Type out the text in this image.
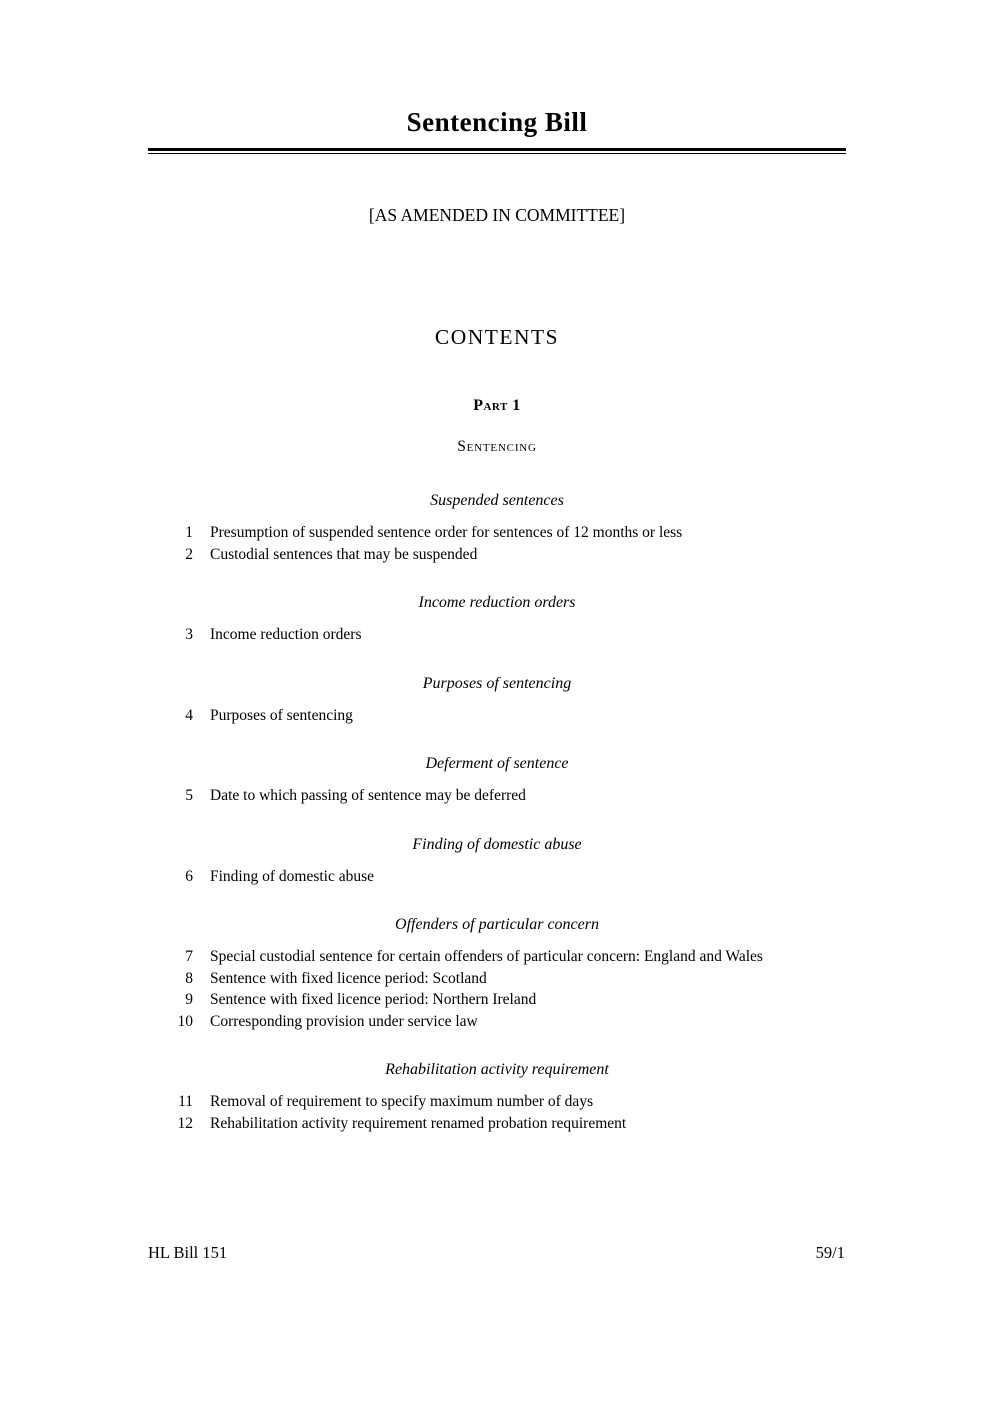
Sentencing Bill
[AS AMENDED IN COMMITTEE]
CONTENTS
Part 1
Sentencing
Suspended sentences
1	Presumption of suspended sentence order for sentences of 12 months or less
2	Custodial sentences that may be suspended
Income reduction orders
3	Income reduction orders
Purposes of sentencing
4	Purposes of sentencing
Deferment of sentence
5	Date to which passing of sentence may be deferred
Finding of domestic abuse
6	Finding of domestic abuse
Offenders of particular concern
7	Special custodial sentence for certain offenders of particular concern: England and Wales
8	Sentence with fixed licence period: Scotland
9	Sentence with fixed licence period: Northern Ireland
10	Corresponding provision under service law
Rehabilitation activity requirement
11	Removal of requirement to specify maximum number of days
12	Rehabilitation activity requirement renamed probation requirement
HL Bill 151	59/1
